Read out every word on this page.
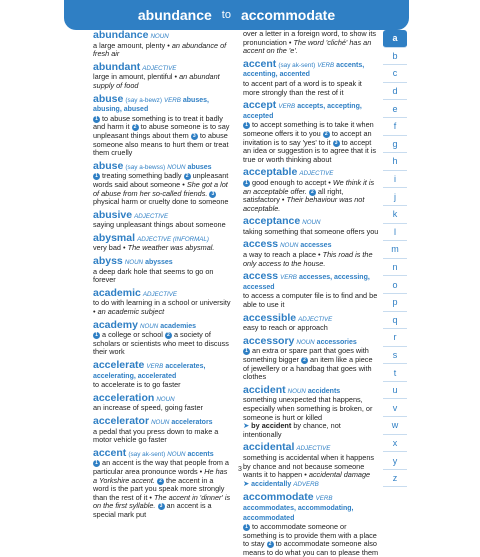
abundance to accommodate
abundance NOUN
a large amount, plenty • an abundance of fresh air
abundant ADJECTIVE
large in amount, plentiful • an abundant supply of food
abuse (say a-bewz) VERB abuses, abusing, abused
1 to abuse something is to treat it badly and harm it 2 to abuse someone is to say unpleasant things about them 3 to abuse someone also means to hurt them or treat them cruelly
abuse (say a-bewss) NOUN abuses
1 treating something badly 2 unpleasant words said about someone • She got a lot of abuse from her so-called friends. 3 physical harm or cruelty done to someone
abusive ADJECTIVE
saying unpleasant things about someone
abysmal ADJECTIVE (INFORMAL)
very bad • The weather was abysmal.
abyss NOUN abysses
a deep dark hole that seems to go on forever
academic ADJECTIVE
to do with learning in a school or university • an academic subject
academy NOUN academies
1 a college or school 2 a society of scholars or scientists who meet to discuss their work
accelerate VERB accelerates, accelerating, accelerated
to accelerate is to go faster
acceleration NOUN
an increase of speed, going faster
accelerator NOUN accelerators
a pedal that you press down to make a motor vehicle go faster
accent (say ak-sent) NOUN accents
1 an accent is the way that people from a particular area pronounce words • He has a Yorkshire accent. 2 the accent in a word is the part you speak more strongly than the rest of it • The accent in 'dinner' is on the first syllable. 3 an accent is a special mark put
over a letter in a foreign word, to show its pronunciation • The word 'cliché' has an accent on the 'e'.
accent (say ak-sent) VERB accents, accenting, accented
to accent part of a word is to speak it more strongly than the rest of it
accept VERB accepts, accepting, accepted
1 to accept something is to take it when someone offers it to you 2 to accept an invitation is to say 'yes' to it 3 to accept an idea or suggestion is to agree that it is true or worth thinking about
acceptable ADJECTIVE
1 good enough to accept • We think it is an acceptable offer. 2 all right, satisfactory • Their behaviour was not acceptable.
acceptance NOUN
taking something that someone offers you
access NOUN accesses
a way to reach a place • This road is the only access to the house.
access VERB accesses, accessing, accessed
to access a computer file is to find and be able to use it
accessible ADJECTIVE
easy to reach or approach
accessory NOUN accessories
1 an extra or spare part that goes with something bigger 2 an item like a piece of jewellery or a handbag that goes with clothes
accident NOUN accidents
something unexpected that happens, especially when something is broken, or someone is hurt or killed
➤ by accident by chance, not intentionally
accidental ADJECTIVE
something is accidental when it happens by chance and not because someone wants it to happen • accidental damage
➤ accidentally ADVERB
accommodate VERB accommodates, accommodating, accommodated
1 to accommodate someone or something is to provide them with a place to stay 2 to accommodate someone also means to do what you can to please them
a
b
c
d
e
f
g
h
i
j
k
l
m
n
o
p
q
r
s
t
u
v
w
x
y
z
3
